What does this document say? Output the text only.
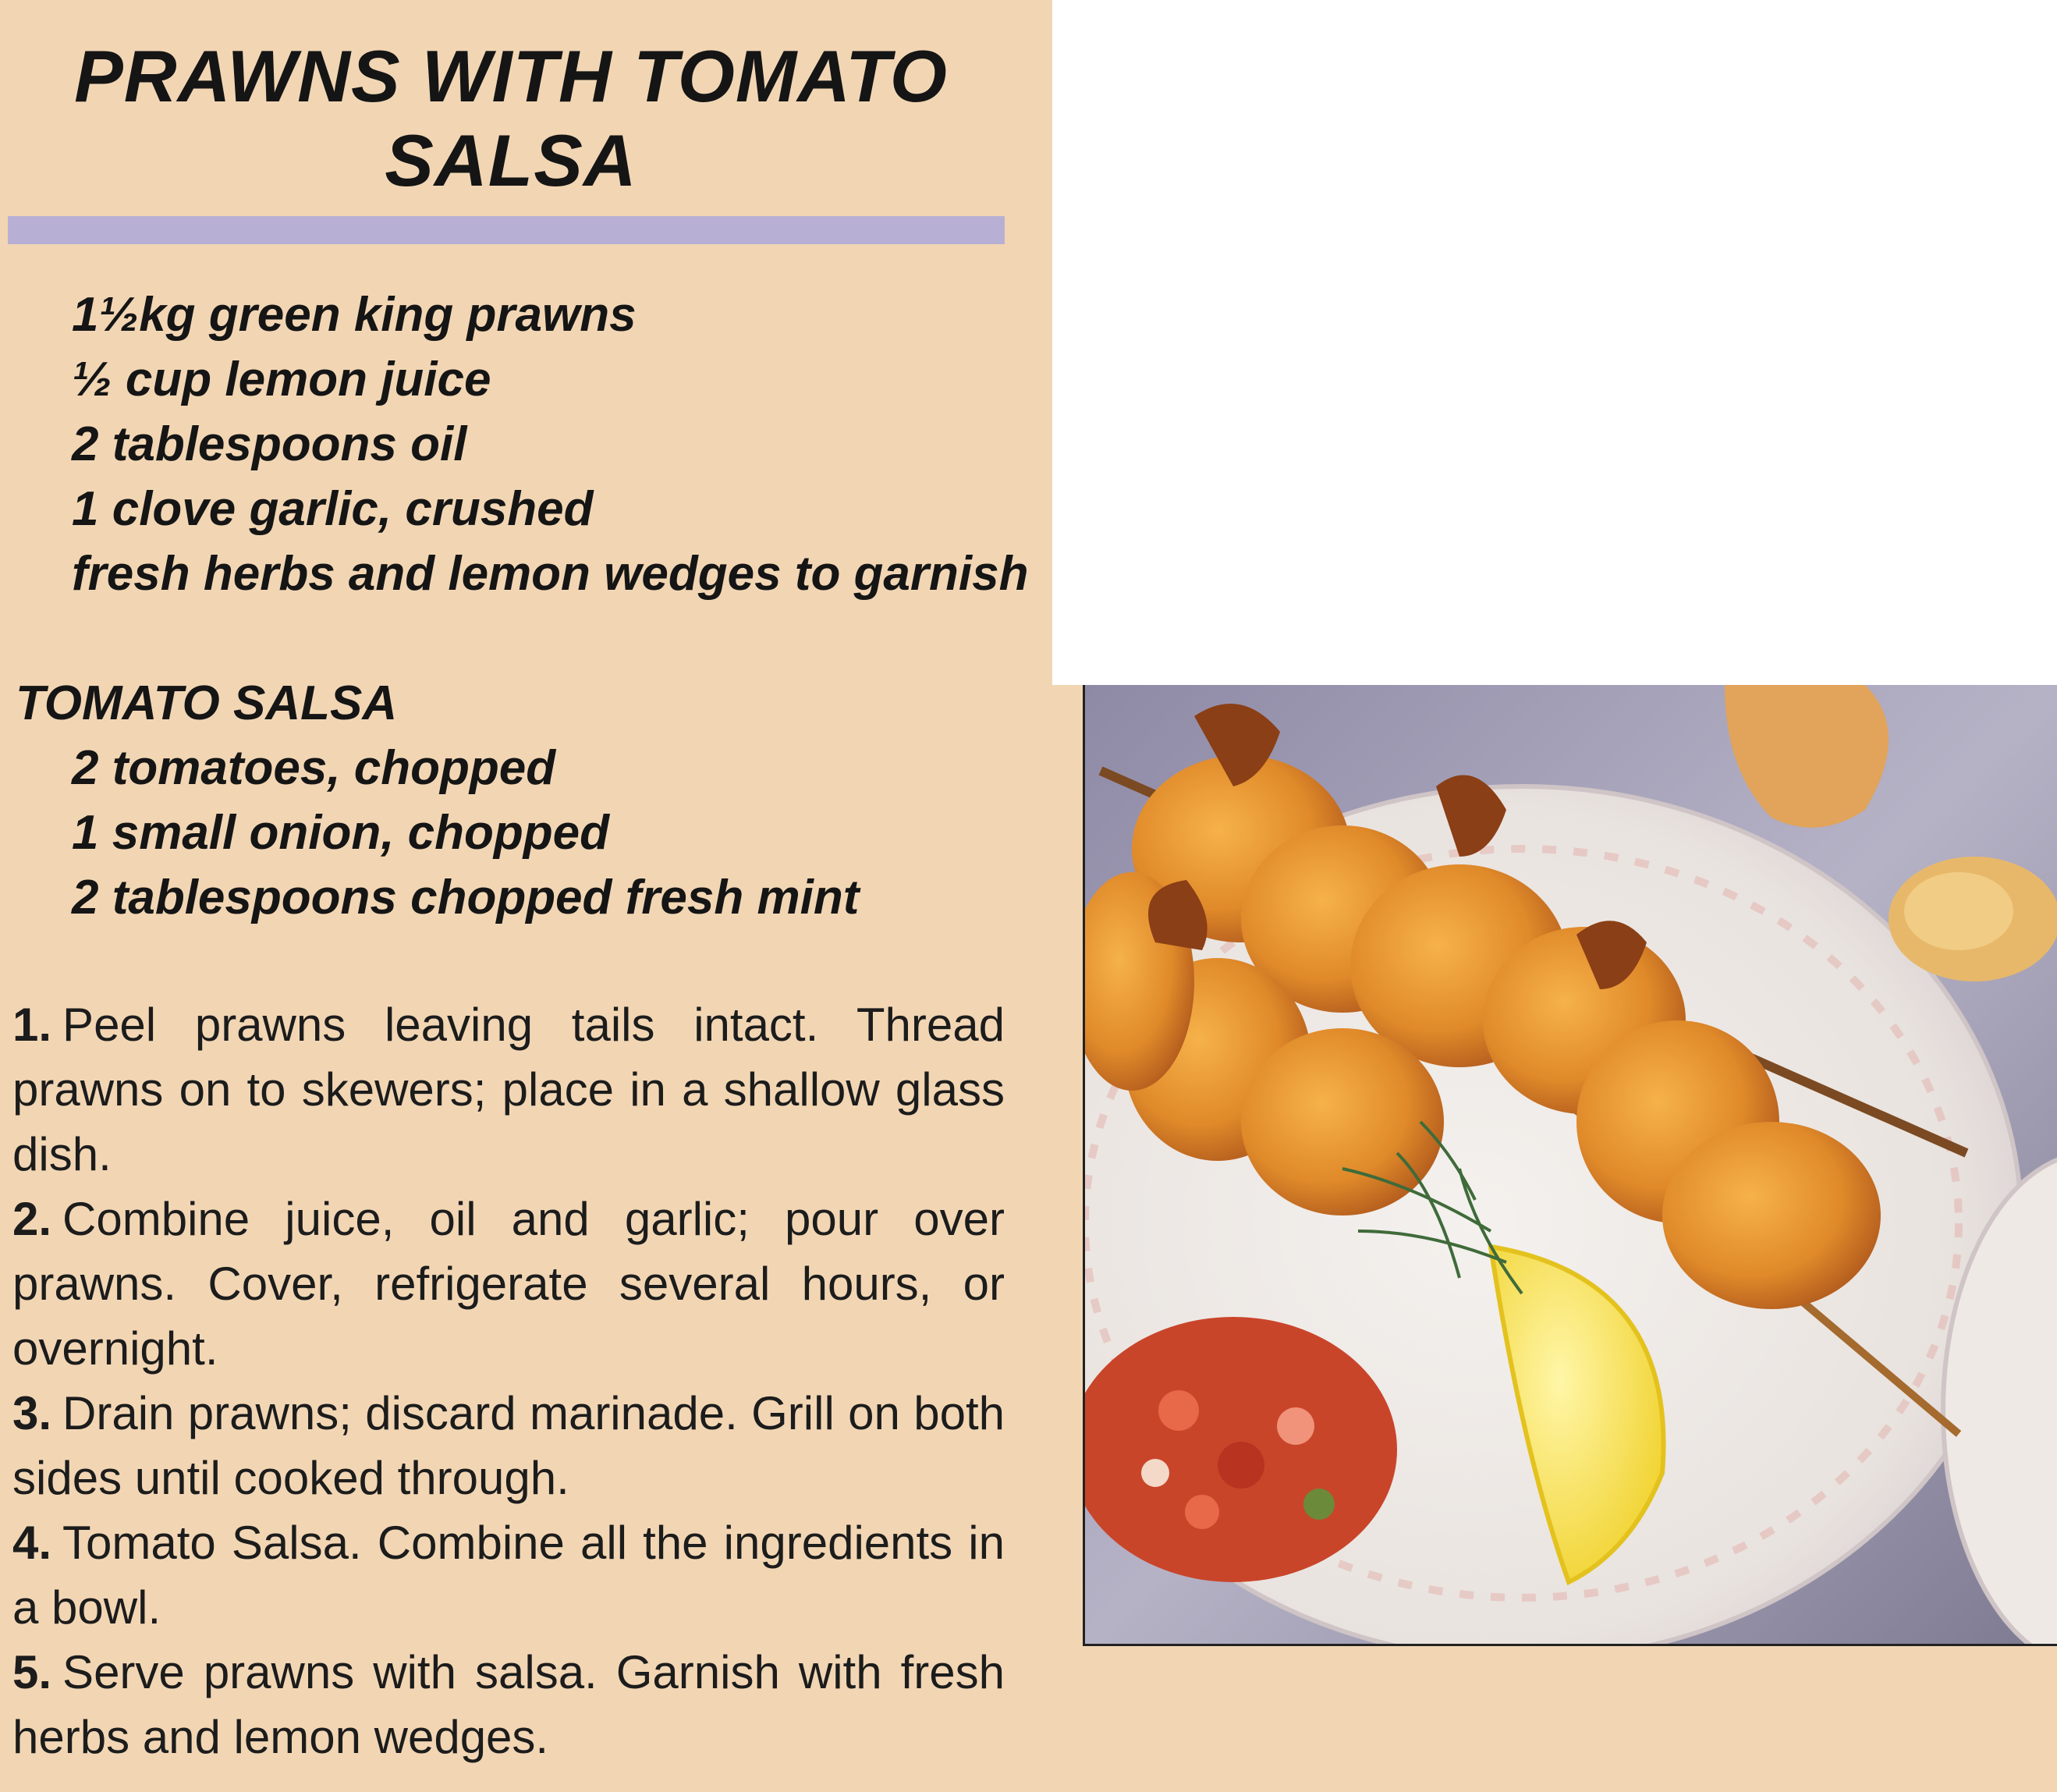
PRAWNS WITH TOMATO
SALSA
1½kg green king prawns
½ cup lemon juice
2 tablespoons oil
1 clove garlic, crushed
fresh herbs and lemon wedges to garnish
TOMATO SALSA
2 tomatoes, chopped
1 small onion, chopped
2 tablespoons chopped fresh mint
1. Peel prawns leaving tails intact. Thread prawns on to skewers; place in a shallow glass dish.
2. Combine juice, oil and garlic; pour over prawns. Cover, refrigerate several hours, or overnight.
3. Drain prawns; discard marinade. Grill on both sides until cooked through.
4. Tomato Salsa. Combine all the ingredients in a bowl.
5. Serve prawns with salsa. Garnish with fresh herbs and lemon wedges.
